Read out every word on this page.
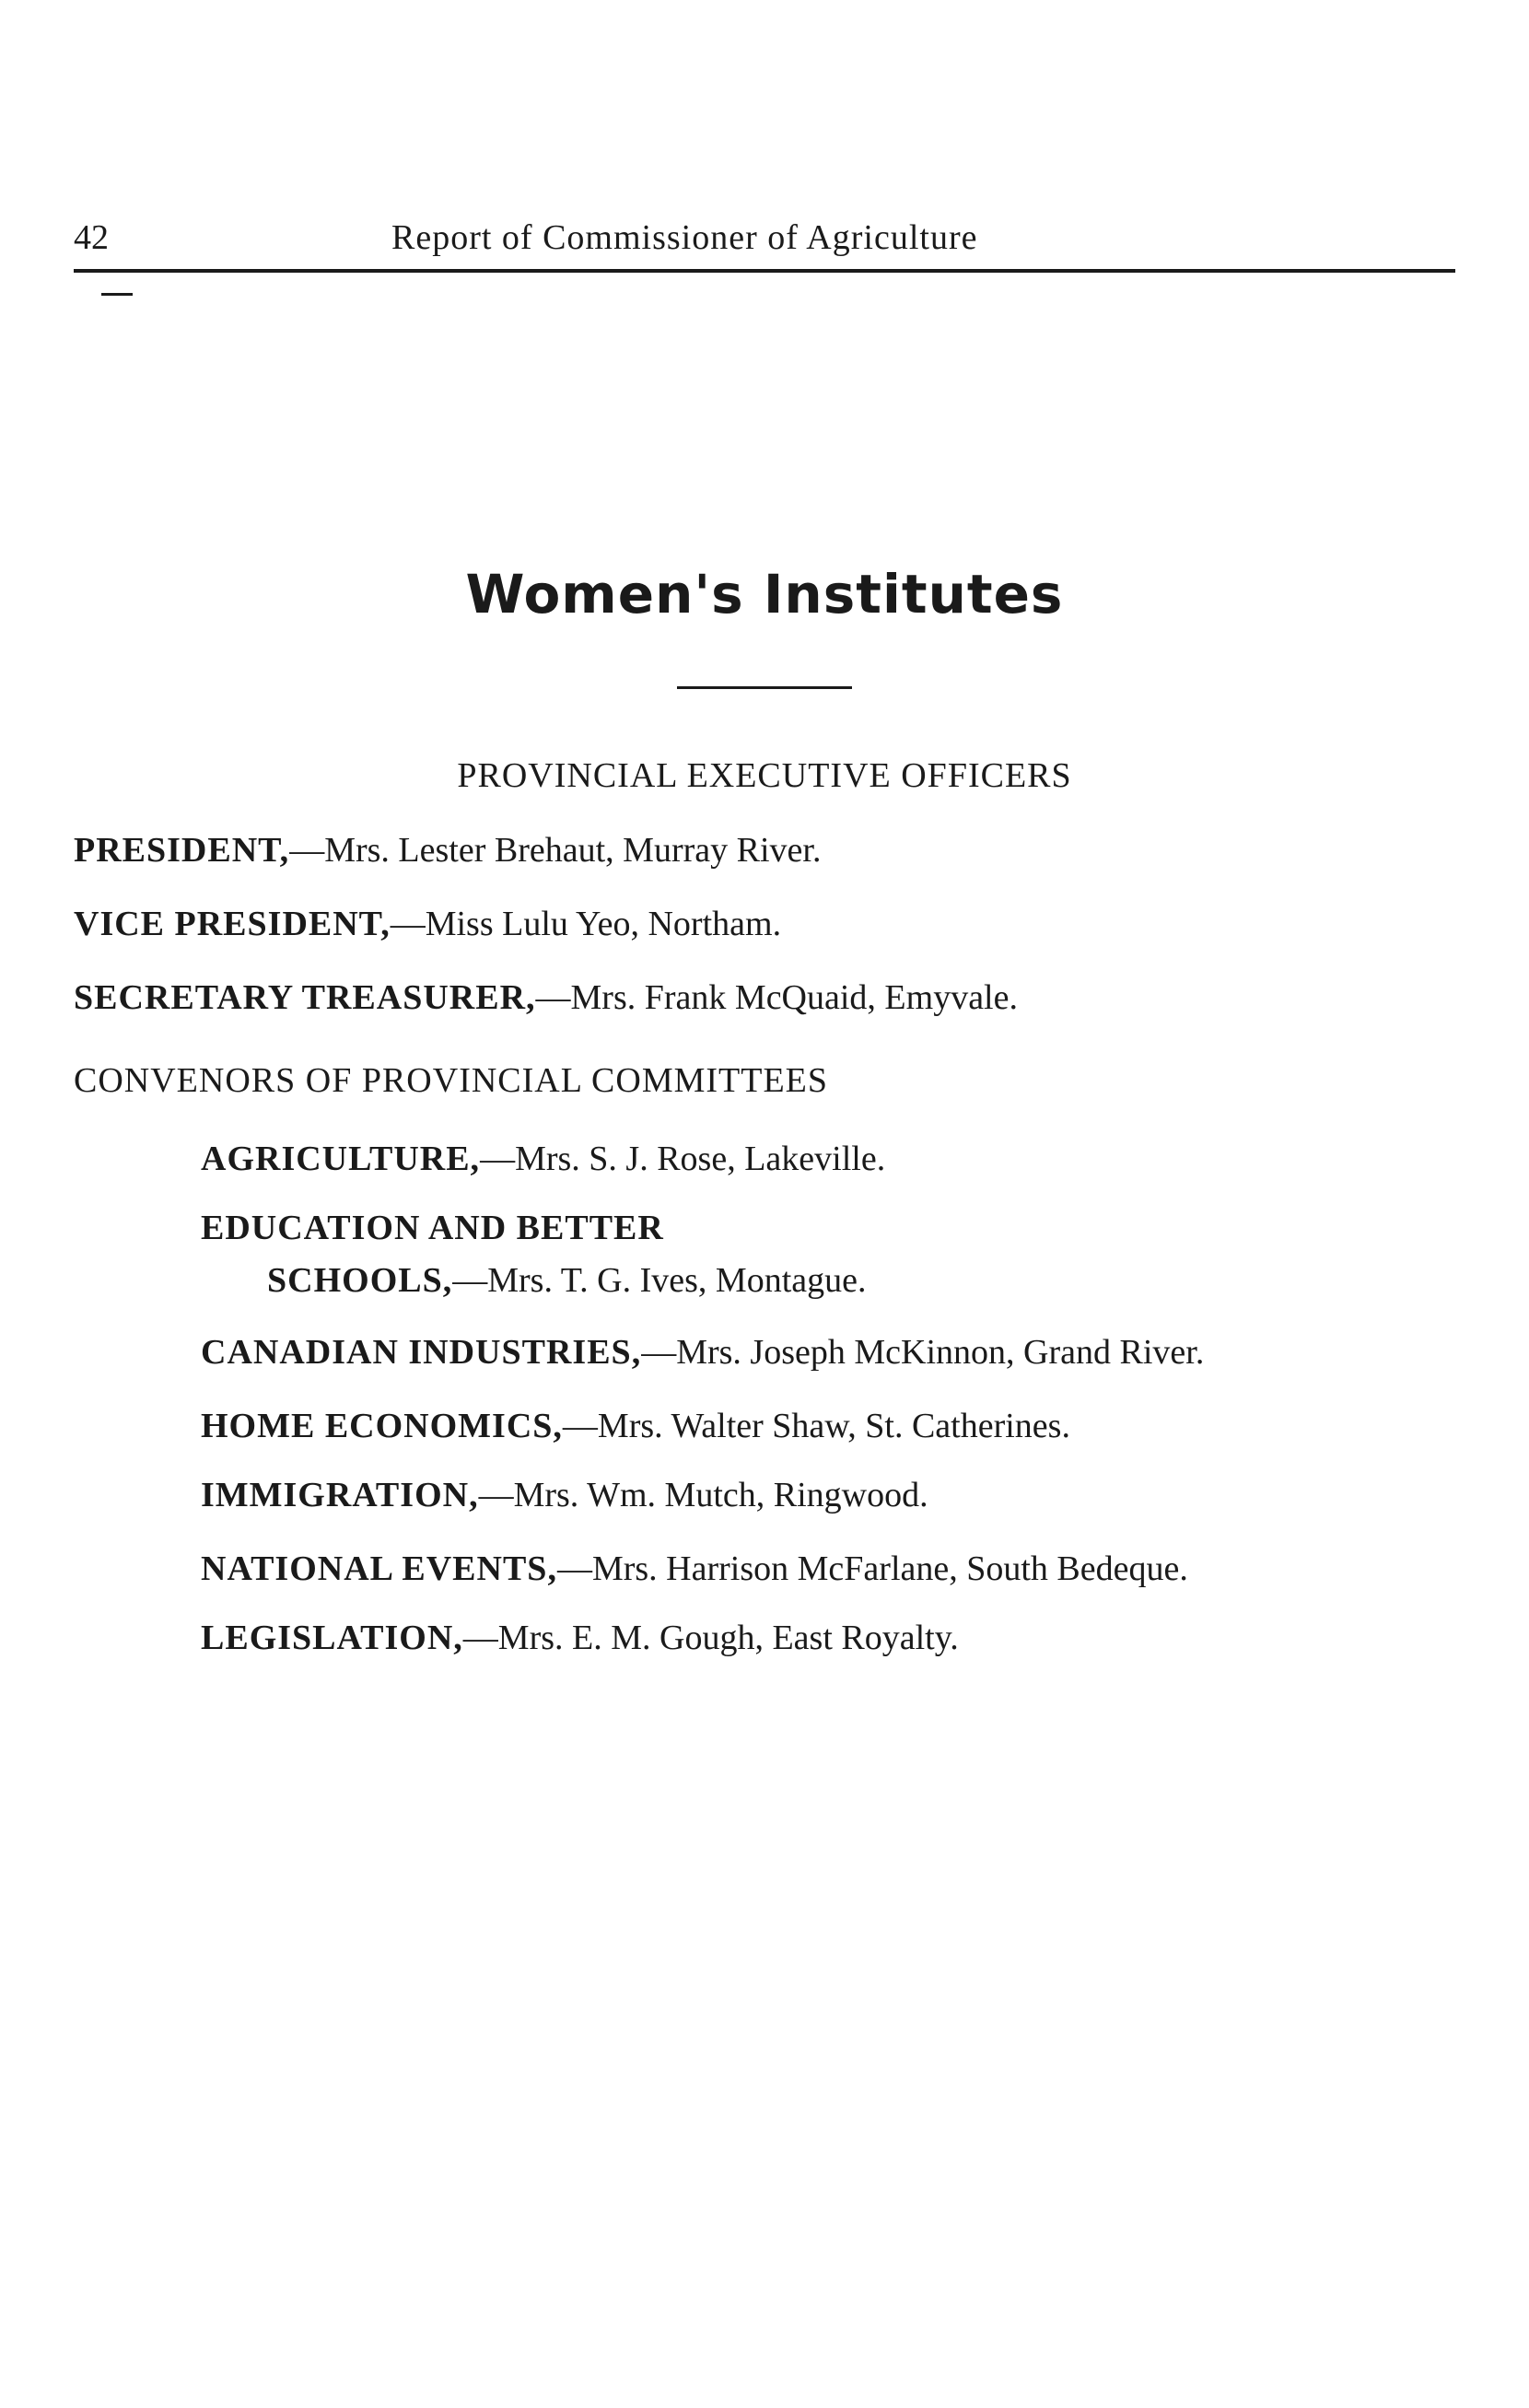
42	Report of Commissioner of Agriculture
Women's Institutes
PROVINCIAL EXECUTIVE OFFICERS
PRESIDENT,—Mrs. Lester Brehaut, Murray River.
VICE PRESIDENT,—Miss Lulu Yeo, Northam.
SECRETARY TREASURER,—Mrs. Frank McQuaid, Emyvale.
CONVENORS OF PROVINCIAL COMMITTEES
AGRICULTURE,—Mrs. S. J. Rose, Lakeville.
EDUCATION AND BETTER
SCHOOLS,—Mrs. T. G. Ives, Montague.
CANADIAN INDUSTRIES,—Mrs. Joseph McKinnon, Grand River.
HOME ECONOMICS,—Mrs. Walter Shaw, St. Catherines.
IMMIGRATION,—Mrs. Wm. Mutch, Ringwood.
NATIONAL EVENTS,—Mrs. Harrison McFarlane, South Bedeque.
LEGISLATION,—Mrs. E. M. Gough, East Royalty.
